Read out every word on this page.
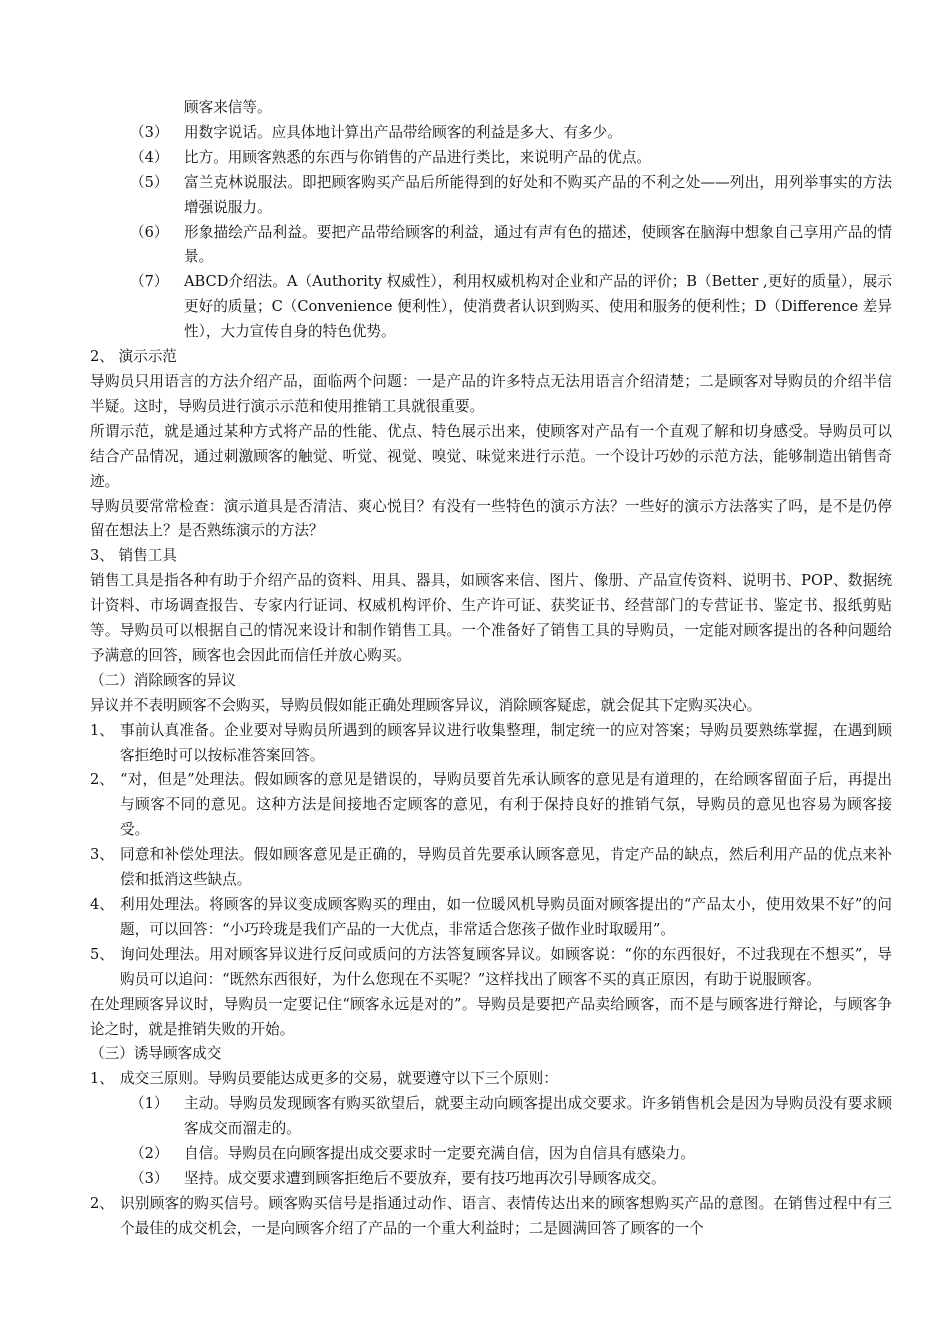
顾客来信等。
（3） 用数字说话。应具体地计算出产品带给顾客的利益是多大、有多少。
（4） 比方。用顾客熟悉的东西与你销售的产品进行类比，来说明产品的优点。
（5） 富兰克林说服法。即把顾客购买产品后所能得到的好处和不购买产品的不利之处——列出，用列举事实的方法增强说服力。
（6） 形象描绘产品利益。要把产品带给顾客的利益，通过有声有色的描述，使顾客在脑海中想象自己享用产品的情景。
（7） ABCD介绍法。A（Authority 权威性），利用权威机构对企业和产品的评价；B（Better ,更好的质量），展示更好的质量；C（Convenience 便利性），使消费者认识到购买、使用和服务的便利性；D（Difference 差异性），大力宣传自身的特色优势。
2、 演示示范
导购员只用语言的方法介绍产品，面临两个问题：一是产品的许多特点无法用语言介绍清楚；二是顾客对导购员的介绍半信半疑。这时，导购员进行演示示范和使用推销工具就很重要。
所谓示范，就是通过某种方式将产品的性能、优点、特色展示出来，使顾客对产品有一个直观了解和切身感受。导购员可以结合产品情况，通过刺激顾客的触觉、听觉、视觉、嗅觉、味觉来进行示范。一个设计巧妙的示范方法，能够制造出销售奇迹。
导购员要常常检查：演示道具是否清洁、爽心悦目？有没有一些特色的演示方法？一些好的演示方法落实了吗，是不是仍停留在想法上？是否熟练演示的方法？
3、 销售工具
销售工具是指各种有助于介绍产品的资料、用具、器具，如顾客来信、图片、像册、产品宣传资料、说明书、POP、数据统计资料、市场调查报告、专家内行证词、权威机构评价、生产许可证、获奖证书、经营部门的专营证书、鉴定书、报纸剪贴等。导购员可以根据自己的情况来设计和制作销售工具。一个准备好了销售工具的导购员，一定能对顾客提出的各种问题给予满意的回答，顾客也会因此而信任并放心购买。
（二）消除顾客的异议
异议并不表明顾客不会购买，导购员假如能正确处理顾客异议，消除顾客疑虑，就会促其下定购买决心。
1、 事前认真准备。企业要对导购员所遇到的顾客异议进行收集整理，制定统一的应对答案；导购员要熟练掌握，在遇到顾客拒绝时可以按标准答案回答。
2、 “对，但是”处理法。假如顾客的意见是错误的，导购员要首先承认顾客的意见是有道理的，在给顾客留面子后，再提出与顾客不同的意见。这种方法是间接地否定顾客的意见，有利于保持良好的推销气氛，导购员的意见也容易为顾客接受。
3、 同意和补偿处理法。假如顾客意见是正确的，导购员首先要承认顾客意见，肯定产品的缺点，然后利用产品的优点来补偿和抵消这些缺点。
4、 利用处理法。将顾客的异议变成顾客购买的理由，如一位暖风机导购员面对顾客提出的“产品太小，使用效果不好”的问题，可以回答：“小巧玲珑是我们产品的一大优点，非常适合您孩子做作业时取暖用”。
5、 询问处理法。用对顾客异议进行反问或质问的方法答复顾客异议。如顾客说：“你的东西很好，不过我现在不想买”，导购员可以追问：“既然东西很好，为什么您现在不买呢？”这样找出了顾客不买的真正原因，有助于说服顾客。
在处理顾客异议时，导购员一定要记住“顾客永远是对的”。导购员是要把产品卖给顾客，而不是与顾客进行辩论，与顾客争论之时，就是推销失败的开始。
（三）诱导顾客成交
1、 成交三原则。导购员要能达成更多的交易，就要遵守以下三个原则：
（1） 主动。导购员发现顾客有购买欲望后，就要主动向顾客提出成交要求。许多销售机会是因为导购员没有要求顾客成交而溜走的。
（2） 自信。导购员在向顾客提出成交要求时一定要充满自信，因为自信具有感染力。
（3） 坚持。成交要求遭到顾客拒绝后不要放弃，要有技巧地再次引导顾客成交。
2、 识别顾客的购买信号。顾客购买信号是指通过动作、语言、表情传达出来的顾客想购买产品的意图。在销售过程中有三个最佳的成交机会，一是向顾客介绍了产品的一个重大利益时；二是圆满回答了顾客的一个
